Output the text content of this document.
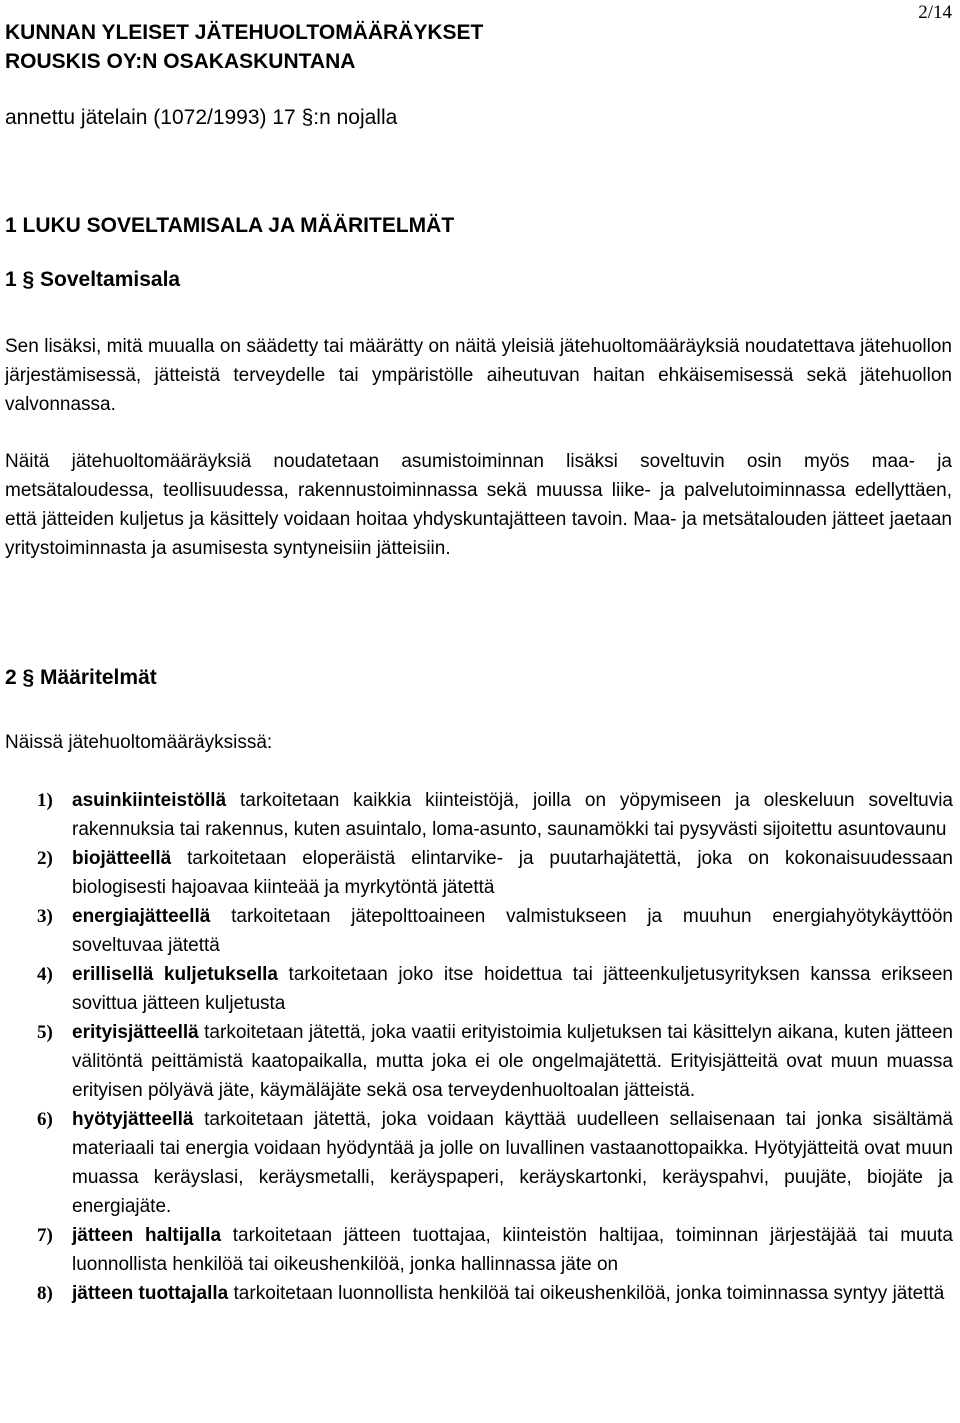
2/14
KUNNAN YLEISET JÄTEHUOLTOMÄÄRÄYKSET
ROUSKIS OY:N OSAKASKUNTANA
annettu jätelain (1072/1993) 17 §:n nojalla
1 LUKU SOVELTAMISALA JA MÄÄRITELMÄT
1 § Soveltamisala
Sen lisäksi, mitä muualla on säädetty tai määrätty on näitä yleisiä jätehuoltomääräyksiä noudatettava jätehuollon järjestämisessä, jätteistä terveydelle tai ympäristölle aiheutuvan haitan ehkäisemisessä sekä jätehuollon valvonnassa.
Näitä jätehuoltomääräyksiä noudatetaan asumistoiminnan lisäksi soveltuvin osin myös maa- ja metsätaloudessa, teollisuudessa, rakennustoiminnassa sekä muussa liike- ja palvelutoiminnassa edellyttäen, että jätteiden kuljetus ja käsittely voidaan hoitaa yhdyskuntajätteen tavoin. Maa- ja metsätalouden jätteet jaetaan yritystoiminnasta ja asumisesta syntyneisiin jätteisiin.
2 § Määritelmät
Näissä jätehuoltomääräyksissä:
1) asuinkiinteistöllä tarkoitetaan kaikkia kiinteistöjä, joilla on yöpymiseen ja oleskeluun soveltuvia rakennuksia tai rakennus, kuten asuintalo, loma-asunto, saunamökki tai pysyvästi sijoitettu asuntovaunu
2) biojätteellä tarkoitetaan eloperäistä elintarvike- ja puutarhajätettä, joka on kokonaisuudessaan biologisesti hajoavaa kiinteää ja myrkytöntä jätettä
3) energiajätteellä tarkoitetaan jätepolttoaineen valmistukseen ja muuhun energiahyötykäyttöön soveltuvaa jätettä
4) erillisellä kuljetuksella tarkoitetaan joko itse hoidettua tai jätteenkuljetusyrityksen kanssa erikseen sovittua jätteen kuljetusta
5) erityisjätteellä tarkoitetaan jätettä, joka vaatii erityistoimia kuljetuksen tai käsittelyn aikana, kuten jätteen välitöntä peittämistä kaatopaikalla, mutta joka ei ole ongelmajätettä. Erityisjätteitä ovat muun muassa erityisen pölyävä jäte, käymäläjäte sekä osa terveydenhuoltoalan jätteistä.
6) hyötyjätteellä tarkoitetaan jätettä, joka voidaan käyttää uudelleen sellaisenaan tai jonka sisältämä materiaali tai energia voidaan hyödyntää ja jolle on luvallinen vastaanottopaikka. Hyötyjätteitä ovat muun muassa keräyslasi, keräysmetalli, keräyspaperi, keräyskartonki, keräyspahvi, puujäte, biojäte ja energiajäte.
7) jätteen haltijalla tarkoitetaan jätteen tuottajaa, kiinteistön haltijaa, toiminnan järjestäjää tai muuta luonnollista henkilöä tai oikeushenkilöä, jonka hallinnassa jäte on
8) jätteen tuottajalla tarkoitetaan luonnollista henkilöä tai oikeushenkilöä, jonka toiminnassa syntyy jätettä
